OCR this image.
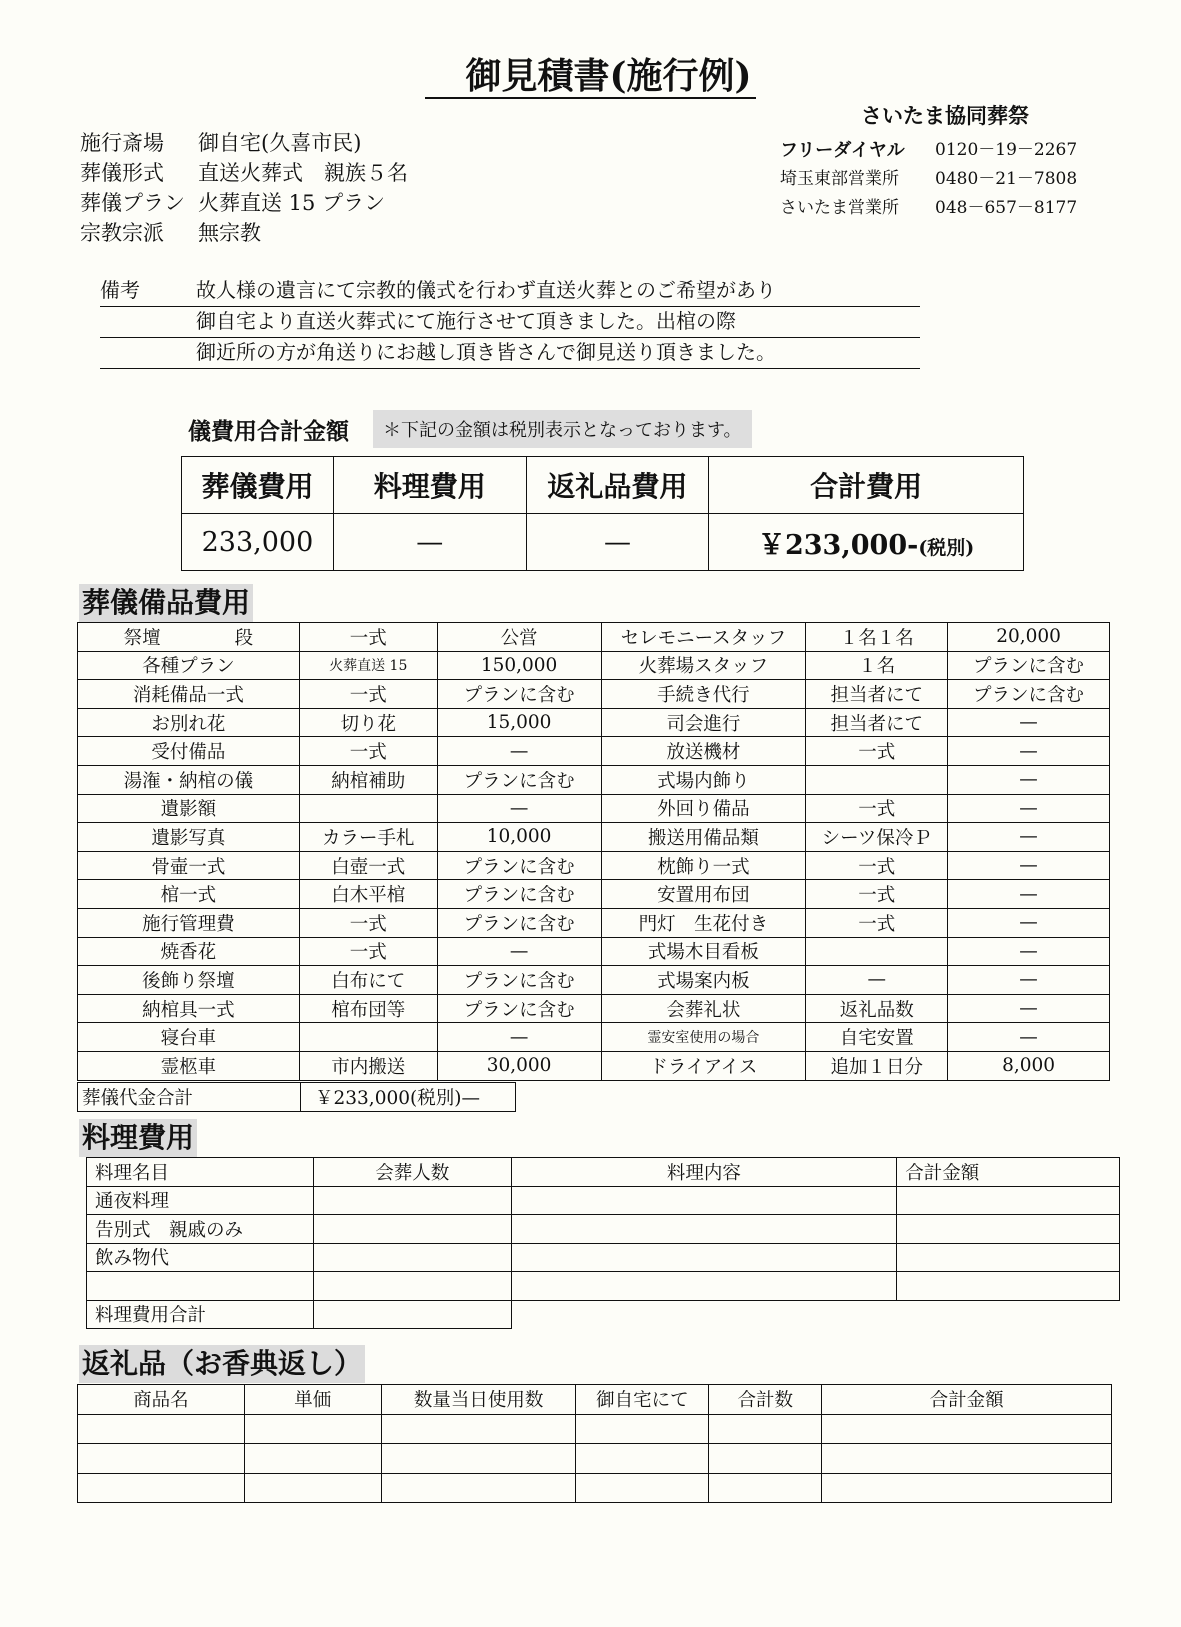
御見積書(施行例)
さいたま協同葬祭
フリーダイヤル	0120－19－2267
埼玉東部営業所	0480－21－7808
さいたま営業所	048－657－8177
施行斎場	御自宅(久喜市民)
葬儀形式	直送火葬式　親族５名
葬儀プラン 火葬直送 15 プラン
宗教宗派	無宗教
備考	故人様の遺言にて宗教的儀式を行わず直送火葬とのご希望があり
御自宅より直送火葬式にて施行させて頂きました。出棺の際
御近所の方が角送りにお越し頂き皆さんで御見送り頂きました。
儀費用合計金額	＊下記の金額は税別表示となっております。
葬儀費用	料理費用	返礼品費用	合計費用
233,000	—	—	￥233,000-(税別)
葬儀備品費用
祭壇　　　　段	一式	公営	セレモニースタッフ	１名１名	20,000
各種プラン	火葬直送 15	150,000	火葬場スタッフ	１名	プランに含む
消耗備品一式	一式	プランに含む	手続き代行	担当者にて	プランに含む
お別れ花	切り花	15,000	司会進行	担当者にて	—
受付備品	一式	—	放送機材	一式	—
湯潅・納棺の儀	納棺補助	プランに含む	式場内飾り		—
遺影額		—	外回り備品	一式	—
遺影写真	カラー手札	10,000	搬送用備品類	シーツ保冷Ｐ	—
骨壷一式	白壺一式	プランに含む	枕飾り一式	一式	—
棺一式	白木平棺	プランに含む	安置用布団	一式	—
施行管理費	一式	プランに含む	門灯　生花付き	一式	—
焼香花	一式	—	式場木目看板		—
後飾り祭壇	白布にて	プランに含む	式場案内板	—	—
納棺具一式	棺布団等	プランに含む	会葬礼状	返礼品数	—
寝台車		—	霊安室使用の場合	自宅安置	—
霊柩車	市内搬送	30,000	ドライアイス	追加１日分	8,000
葬儀代金合計	￥233,000(税別)—
料理費用
料理名目	会葬人数	料理内容	合計金額
通夜料理			
告別式　親戚のみ			
飲み物代			

料理費用合計			
返礼品（お香典返し）
商品名	単価	数量当日使用数	御自宅にて	合計数	合計金額
